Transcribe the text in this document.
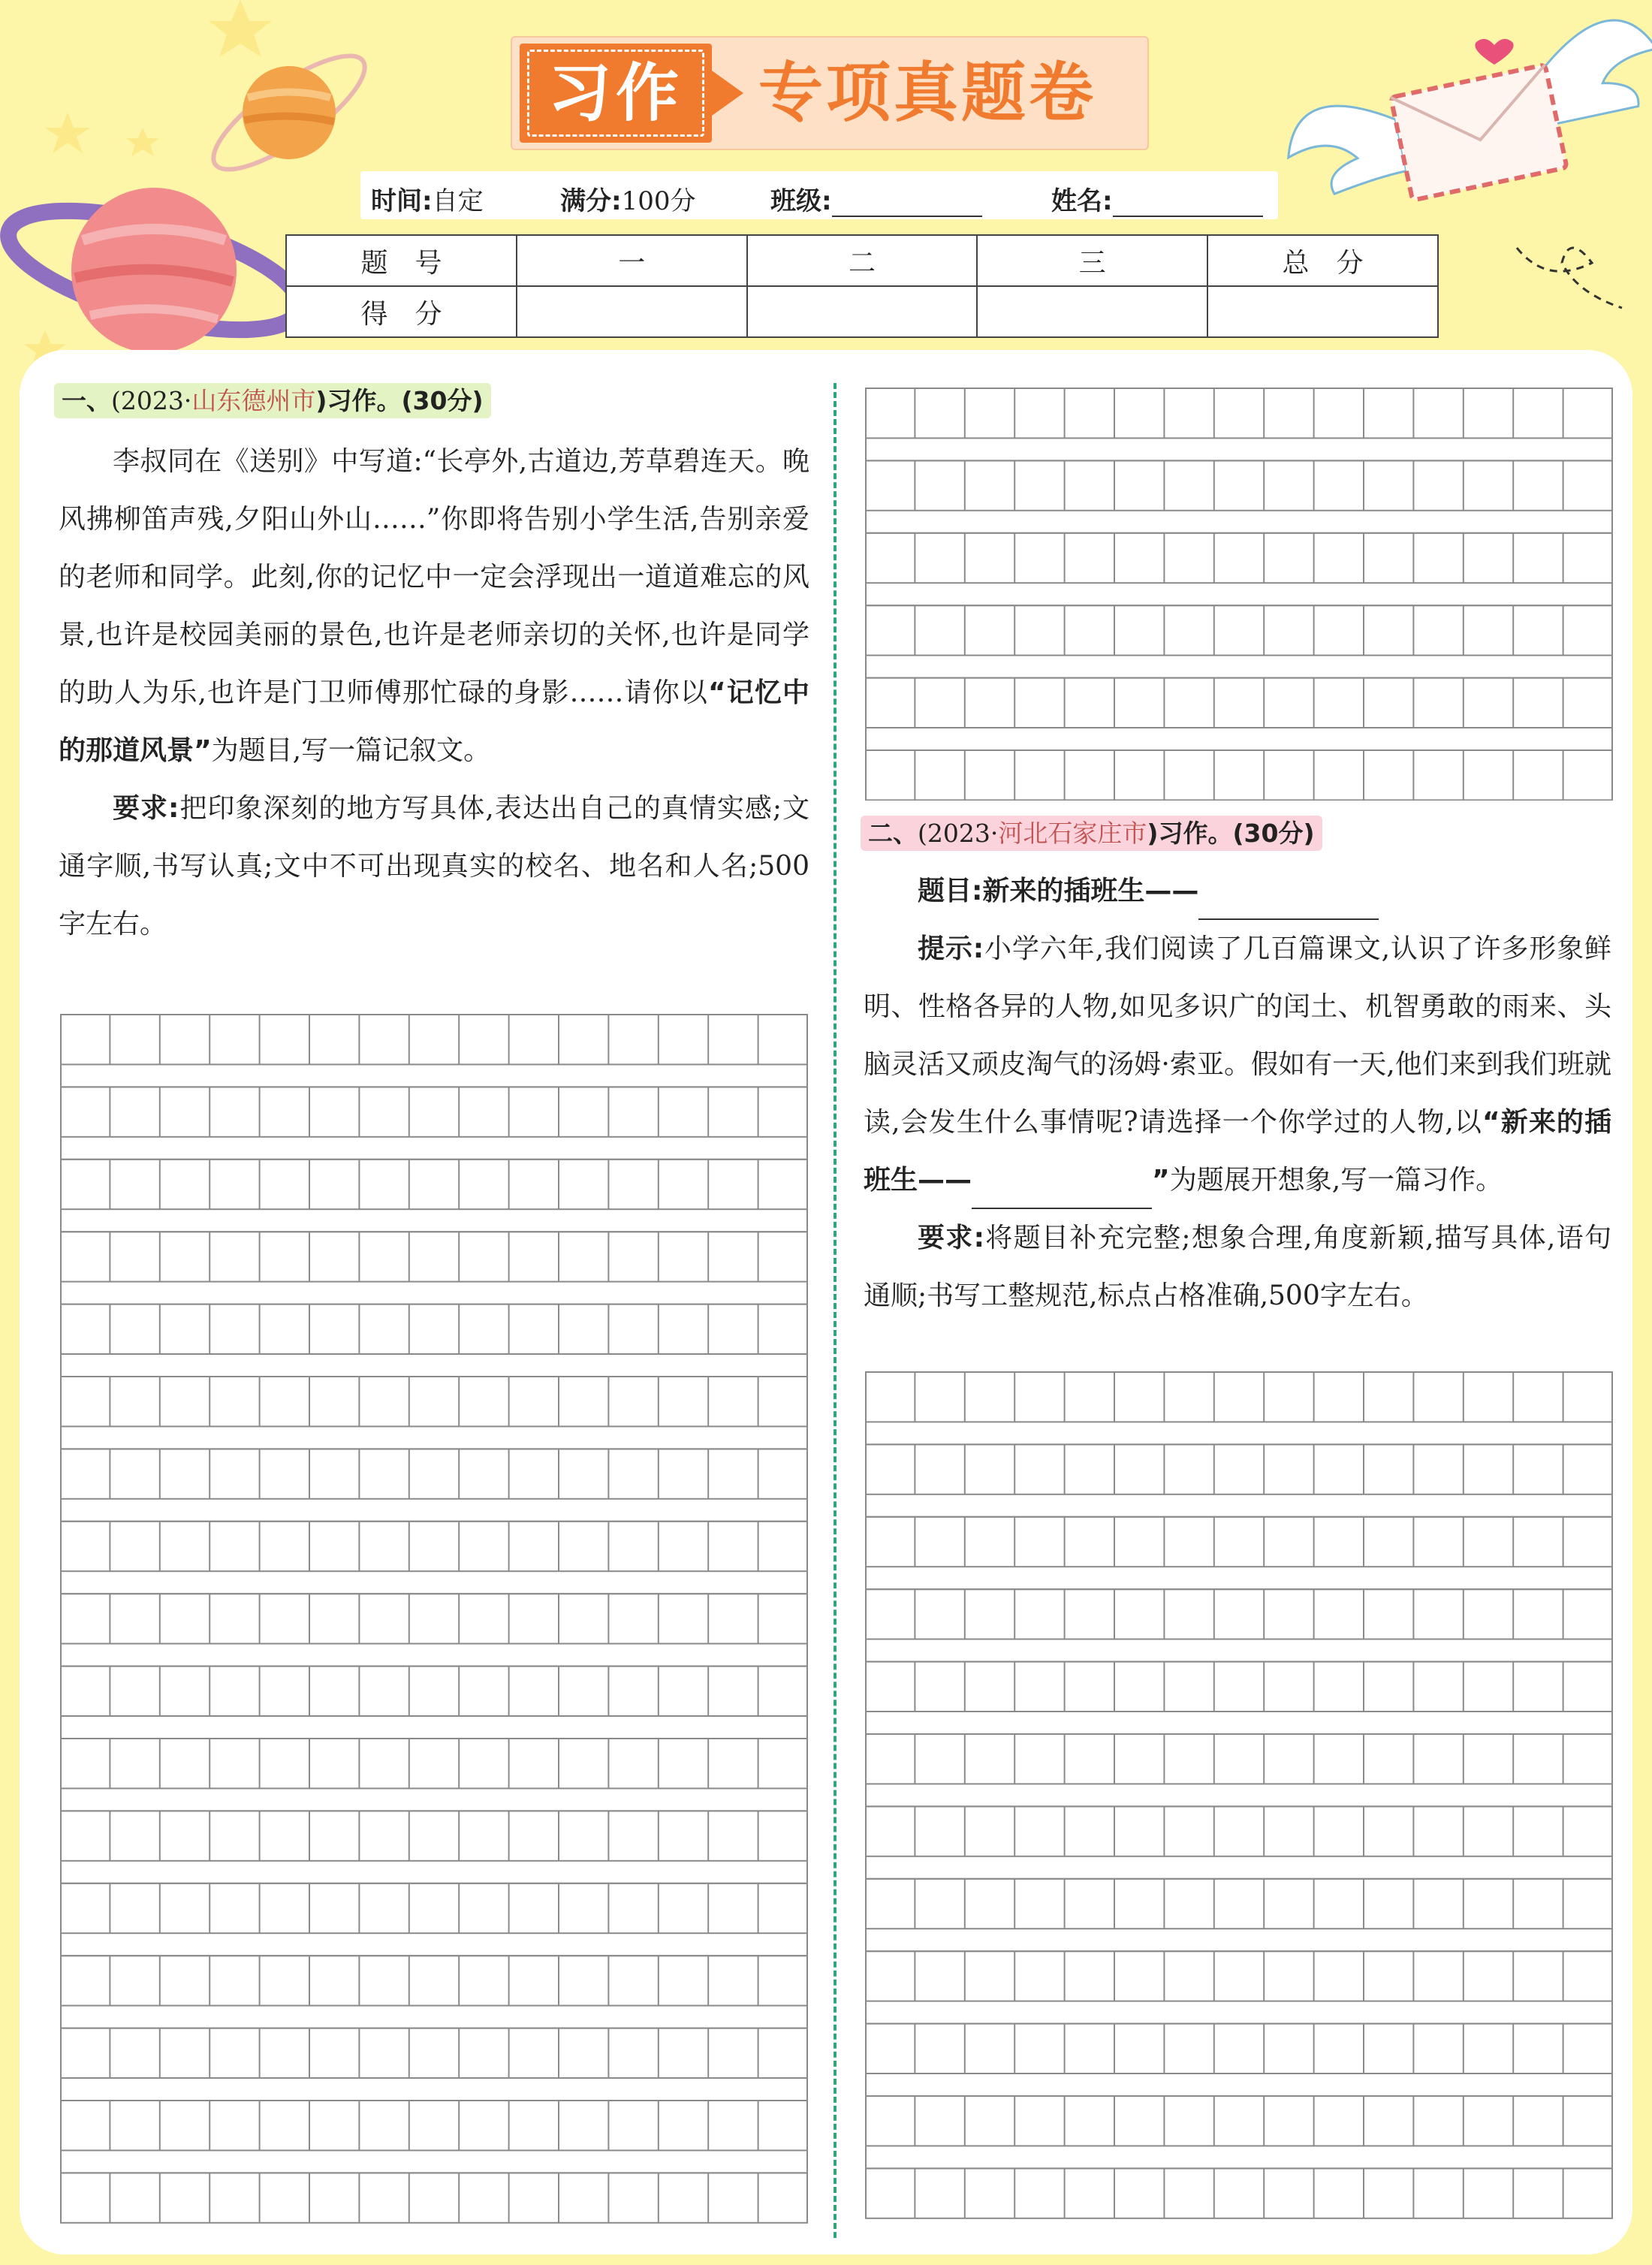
习作	专项真题卷
时间:自定	满分:100分	班级:	姓名:
题　号	一	二	三	总　分
得　分				
一、(2023·山东德州市)习作。(30分)

李叔同在《送别》中写道:“长亭外,古道边,芳草碧连天。晚风拂柳笛声残,夕阳山外山……”你即将告别小学生活,告别亲爱的老师和同学。此刻,你的记忆中一定会浮现出一道道难忘的风景,也许是校园美丽的景色,也许是老师亲切的关怀,也许是同学的助人为乐,也许是门卫师傅那忙碌的身影……请你以“记忆中的那道风景”为题目,写一篇记叙文。

要求:把印象深刻的地方写具体,表达出自己的真情实感;文通字顺,书写认真;文中不可出现真实的校名、地名和人名;500字左右。

二、(2023·河北石家庄市)习作。(30分)

题目:新来的插班生——

提示:小学六年,我们阅读了几百篇课文,认识了许多形象鲜明、性格各异的人物,如见多识广的闰土、机智勇敢的雨来、头脑灵活又顽皮淘气的汤姆·索亚。假如有一天,他们来到我们班就读,会发生什么事情呢?请选择一个你学过的人物,以“新来的插班生——	”为题展开想象,写一篇习作。

要求:将题目补充完整;想象合理,角度新颖,描写具体,语句通顺;书写工整规范,标点占格准确,500字左右。
